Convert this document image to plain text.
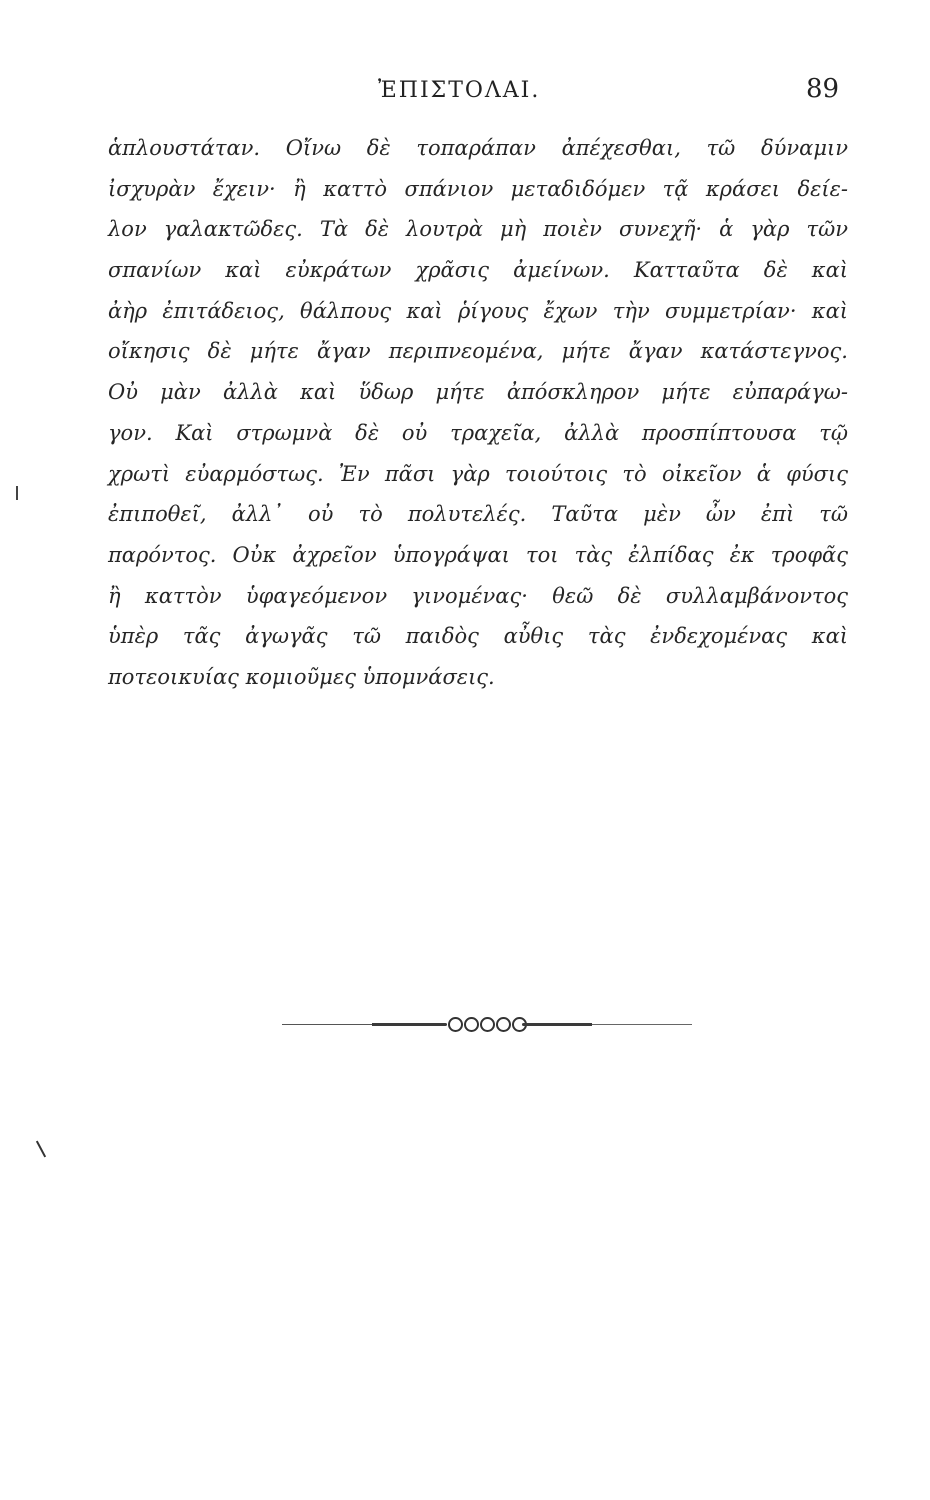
ἘΠΙΣΤΟΛΑΙ.	89
ἁπλουστάταν. Οἴνω δὲ τοπαράπαν ἀπέχεσθαι, τῶ δύναμιν
ἰσχυρὰν ἔχειν· ἢ καττὸ σπάνιον μεταδιδόμεν τᾷ κράσει δείε-
λον γαλακτῶδες. Τὰ δὲ λουτρὰ μὴ ποιὲν συνεχῆ· ἁ γὰρ τῶν
σπανίων καὶ εὐκράτων χρᾶσις ἀμείνων. Κατταῦτα δὲ καὶ
ἀὴρ ἐπιτάδειος, θάλπους καὶ ῥίγους ἔχων τὴν συμμετρίαν· καὶ
οἴκησις δὲ μήτε ἄγαν περιπνεομένα, μήτε ἄγαν κατάστεγνος.
Οὐ μὰν ἀλλὰ καὶ ὕδωρ μήτε ἀπόσκληρον μήτε εὐπαράγω-
γον. Καὶ στρωμνὰ δὲ οὐ τραχεῖα, ἀλλὰ προσπίπτουσα τῷ
χρωτὶ εὐαρμόστως. Ἐν πᾶσι γὰρ τοιούτοις τὸ οἰκεῖον ἁ φύσις
ἐπιποθεῖ, ἀλλ᾽ οὐ τὸ πολυτελές. Ταῦτα μὲν ὦν ἐπὶ τῶ
παρόντος. Οὐκ ἀχρεῖον ὑπογράψαι τοι τὰς ἐλπίδας ἐκ τροφᾶς
ἢ καττὸν ὑφαγεόμενον γινομένας· θεῶ δὲ συλλαμβάνοντος
ὑπὲρ τᾶς ἀγωγᾶς τῶ παιδὸς αὖθις τὰς ἐνδεχομένας καὶ
ποτεοικυίας κομιοῦμες ὑπομνάσεις.
